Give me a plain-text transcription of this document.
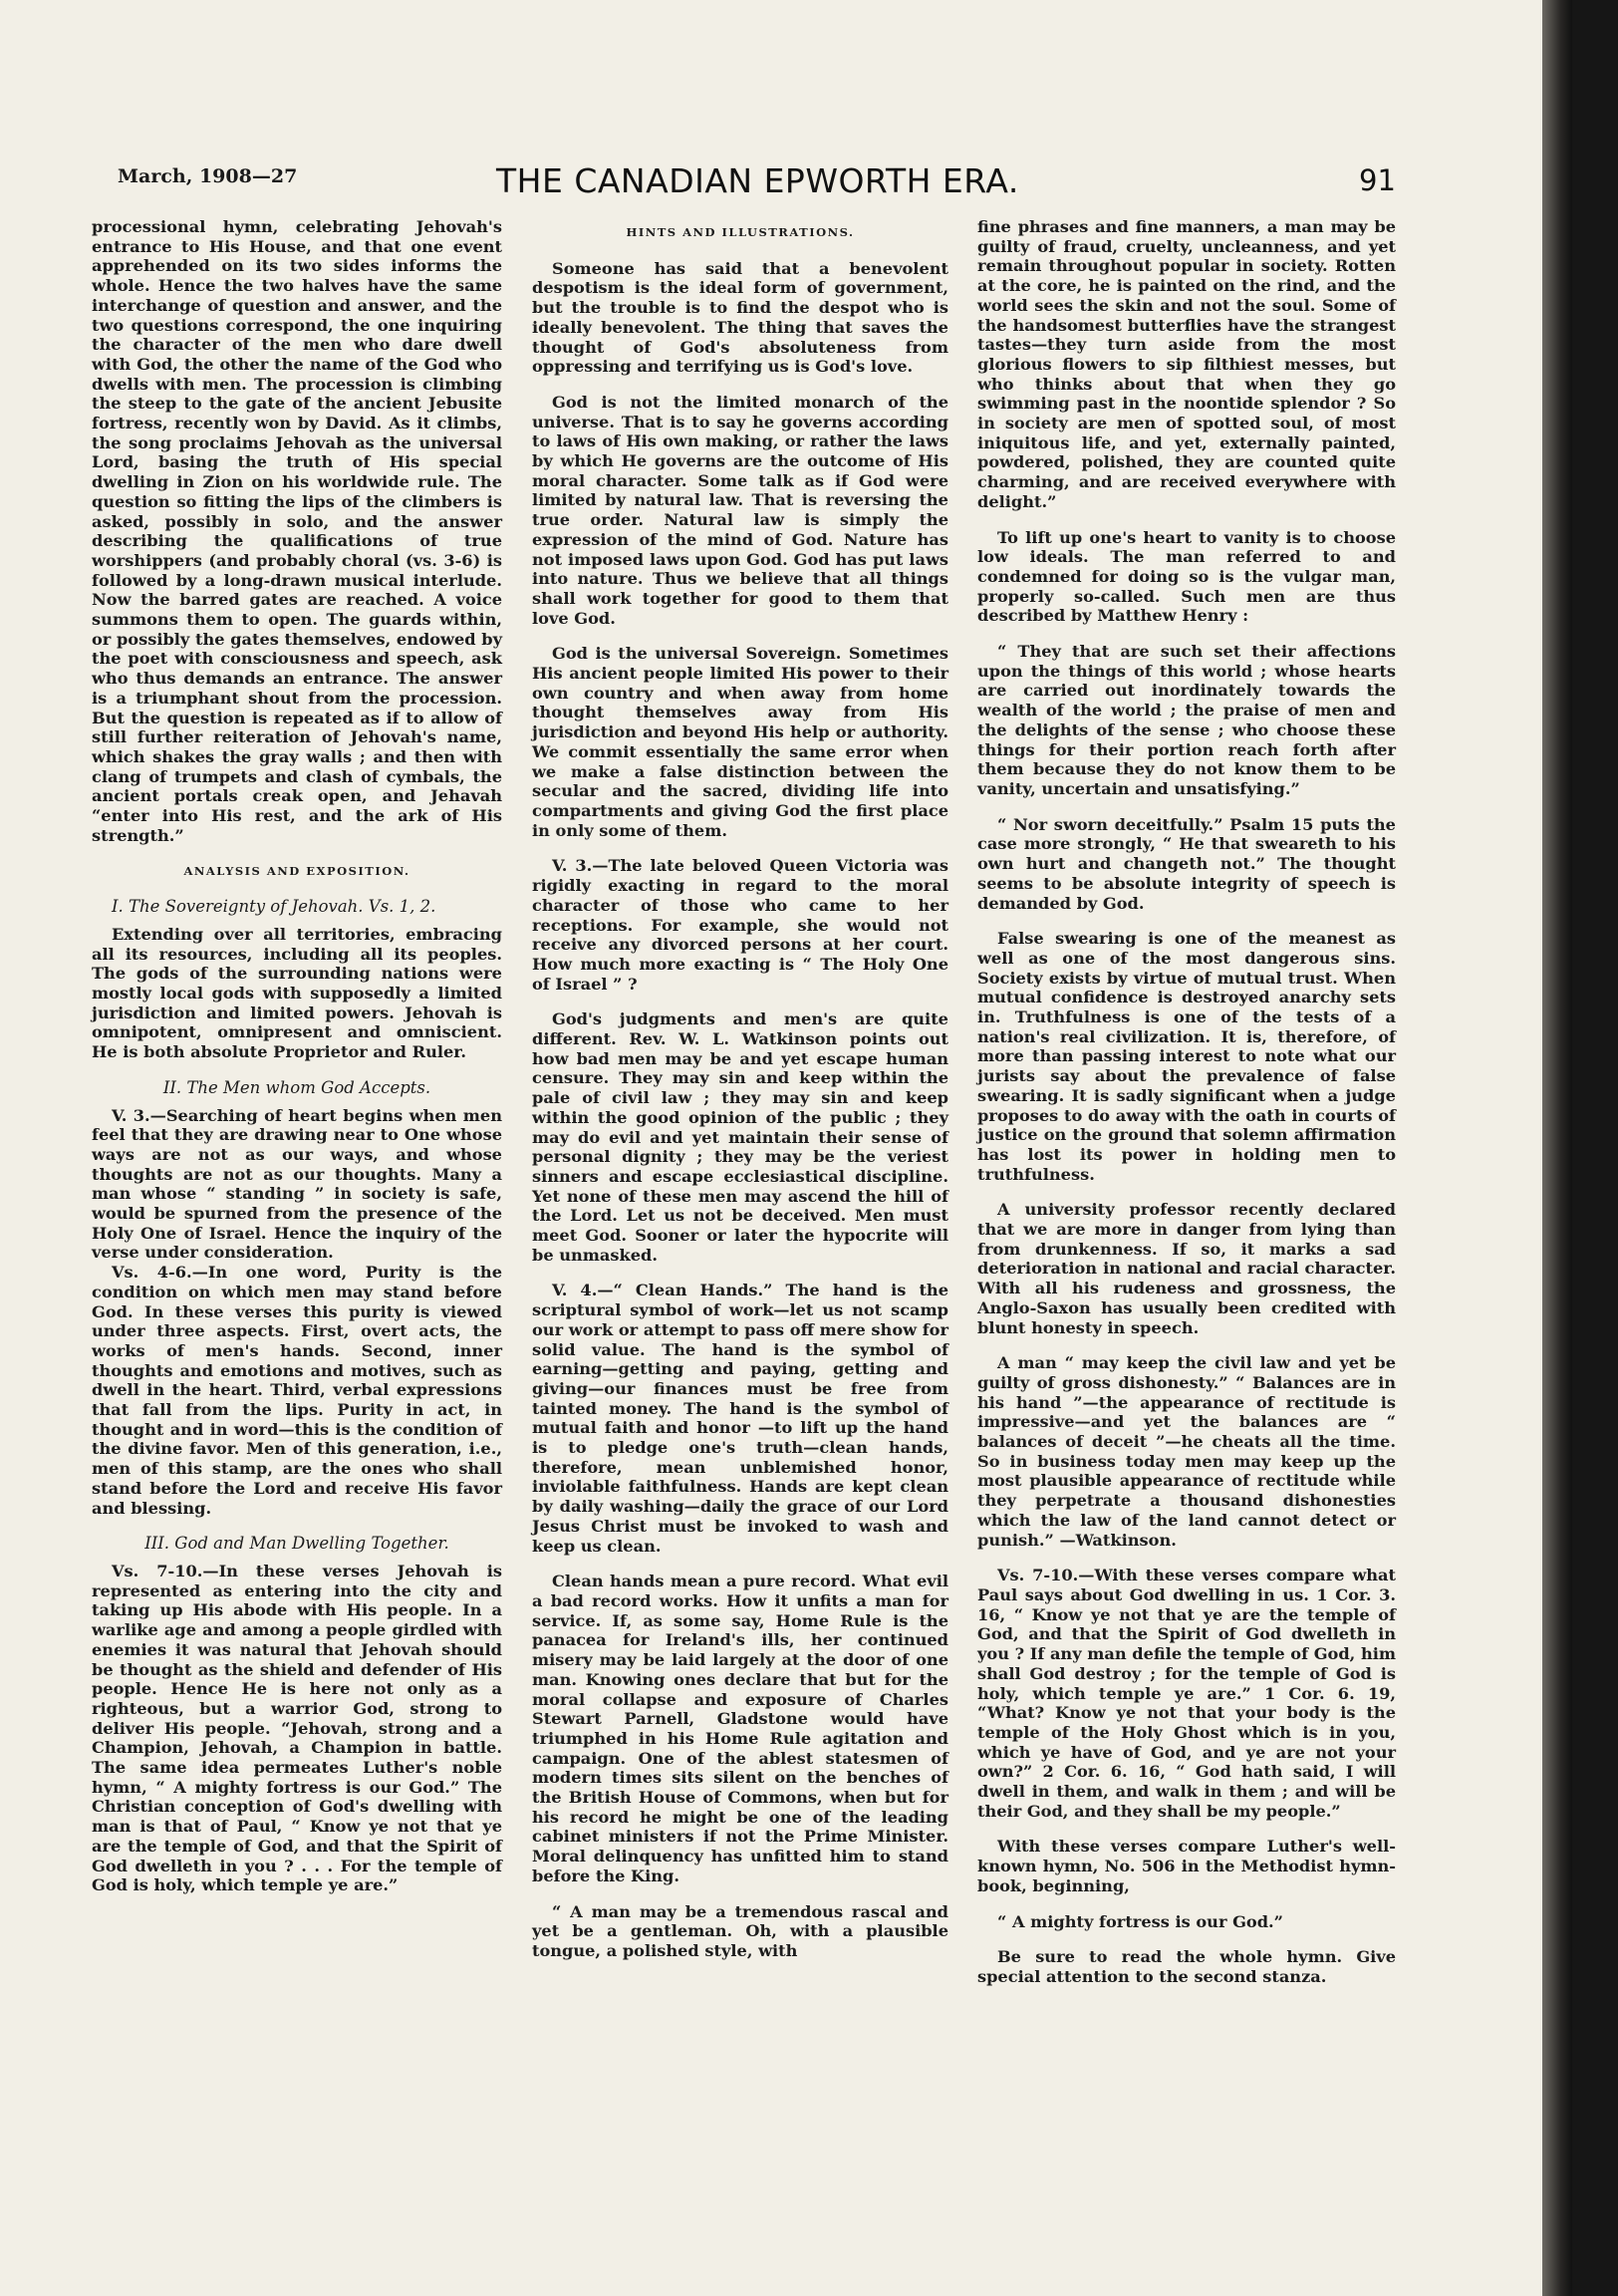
March, 1908—27	THE CANADIAN EPWORTH ERA.	91

processional hymn, celebrating Jehovah's entrance to His House, and that one event apprehended on its two sides informs the whole. Hence the two halves have the same interchange of question and answer, and the two questions correspond, the one inquiring the character of the men who dare dwell with God, the other the name of the God who dwells with men. The procession is climbing the steep to the gate of the ancient Jebusite fortress, recently won by David. As it climbs, the song proclaims Jehovah as the universal Lord, basing the truth of His special dwelling in Zion on his worldwide rule. The question so fitting the lips of the climbers is asked, possibly in solo, and the answer describing the qualifications of true worshippers (and probably choral (vs. 3-6) is followed by a long-drawn musical interlude. Now the barred gates are reached. A voice summons them to open. The guards within, or possibly the gates themselves, endowed by the poet with consciousness and speech, ask who thus demands an entrance. The answer is a triumphant shout from the procession. But the question is repeated as if to allow of still further reiteration of Jehovah's name, which shakes the gray walls ; and then with clang of trumpets and clash of cymbals, the ancient portals creak open, and Jehavah “enter into His rest, and the ark of His strength.”

ANALYSIS AND EXPOSITION.
I. The Sovereignty of Jehovah. Vs. 1, 2.

Extending over all territories, embracing all its resources, including all its peoples. The gods of the surrounding nations were mostly local gods with supposedly a limited jurisdiction and limited powers. Jehovah is omnipotent, omnipresent and omniscient. He is both absolute Proprietor and Ruler.

II. The Men whom God Accepts.

V. 3.—Searching of heart begins when men feel that they are drawing near to One whose ways are not as our ways, and whose thoughts are not as our thoughts. Many a man whose “ standing ” in society is safe, would be spurned from the presence of the Holy One of Israel. Hence the inquiry of the verse under consideration.

Vs. 4-6.—In one word, Purity is the condition on which men may stand before God. In these verses this purity is viewed under three aspects. First, overt acts, the works of men's hands. Second, inner thoughts and emotions and motives, such as dwell in the heart. Third, verbal expressions that fall from the lips. Purity in act, in thought and in word—this is the condition of the divine favor. Men of this generation, i.e., men of this stamp, are the ones who shall stand before the Lord and receive His favor and blessing.

III. God and Man Dwelling Together.

Vs. 7-10.—In these verses Jehovah is represented as entering into the city and taking up His abode with His people. In a warlike age and among a people girdled with enemies it was natural that Jehovah should be thought as the shield and defender of His people. Hence He is here not only as a righteous, but a warrior God, strong to deliver His people. “Jehovah, strong and a Champion, Jehovah, a Champion in battle. The same idea permeates Luther's noble hymn, “ A mighty fortress is our God.” The Christian conception of God's dwelling with man is that of Paul, “ Know ye not that ye are the temple of God, and that the Spirit of God dwelleth in you ? . . . For the temple of God is holy, which temple ye are.”

HINTS AND ILLUSTRATIONS.

Someone has said that a benevolent despotism is the ideal form of government, but the trouble is to find the despot who is ideally benevolent. The thing that saves the thought of God's absoluteness from oppressing and terrifying us is God's love.

God is not the limited monarch of the universe. That is to say he governs according to laws of His own making, or rather the laws by which He governs are the outcome of His moral character. Some talk as if God were limited by natural law. That is reversing the true order. Natural law is simply the expression of the mind of God. Nature has not imposed laws upon God. God has put laws into nature. Thus we believe that all things shall work together for good to them that love God.

God is the universal Sovereign. Sometimes His ancient people limited His power to their own country and when away from home thought themselves away from His jurisdiction and beyond His help or authority. We commit essentially the same error when we make a false distinction between the secular and the sacred, dividing life into compartments and giving God the first place in only some of them.

V. 3.—The late beloved Queen Victoria was rigidly exacting in regard to the moral character of those who came to her receptions. For example, she would not receive any divorced persons at her court. How much more exacting is “ The Holy One of Israel ” ?

God's judgments and men's are quite different. Rev. W. L. Watkinson points out how bad men may be and yet escape human censure. They may sin and keep within the pale of civil law ; they may sin and keep within the good opinion of the public ; they may do evil and yet maintain their sense of personal dignity ; they may be the veriest sinners and escape ecclesiastical discipline. Yet none of these men may ascend the hill of the Lord. Let us not be deceived. Men must meet God. Sooner or later the hypocrite will be unmasked.

V. 4.—“ Clean Hands.” The hand is the scriptural symbol of work—let us not scamp our work or attempt to pass off mere show for solid value. The hand is the symbol of earning—getting and paying, getting and giving—our finances must be free from tainted money. The hand is the symbol of mutual faith and honor —to lift up the hand is to pledge one's truth—clean hands, therefore, mean unblemished honor, inviolable faithfulness. Hands are kept clean by daily washing—daily the grace of our Lord Jesus Christ must be invoked to wash and keep us clean.

Clean hands mean a pure record. What evil a bad record works. How it unfits a man for service. If, as some say, Home Rule is the panacea for Ireland's ills, her continued misery may be laid largely at the door of one man. Knowing ones declare that but for the moral collapse and exposure of Charles Stewart Parnell, Gladstone would have triumphed in his Home Rule agitation and campaign. One of the ablest statesmen of modern times sits silent on the benches of the British House of Commons, when but for his record he might be one of the leading cabinet ministers if not the Prime Minister. Moral delinquency has unfitted him to stand before the King.

“ A man may be a tremendous rascal and yet be a gentleman. Oh, with a plausible tongue, a polished style, with

fine phrases and fine manners, a man may be guilty of fraud, cruelty, uncleanness, and yet remain throughout popular in society. Rotten at the core, he is painted on the rind, and the world sees the skin and not the soul. Some of the handsomest butterflies have the strangest tastes—they turn aside from the most glorious flowers to sip filthiest messes, but who thinks about that when they go swimming past in the noontide splendor ? So in society are men of spotted soul, of most iniquitous life, and yet, externally painted, powdered, polished, they are counted quite charming, and are received everywhere with delight.”

To lift up one's heart to vanity is to choose low ideals. The man referred to and condemned for doing so is the vulgar man, properly so-called. Such men are thus described by Matthew Henry :

“ They that are such set their affections upon the things of this world ; whose hearts are carried out inordinately towards the wealth of the world ; the praise of men and the delights of the sense ; who choose these things for their portion reach forth after them because they do not know them to be vanity, uncertain and unsatisfying.”

“ Nor sworn deceitfully.” Psalm 15 puts the case more strongly, “ He that sweareth to his own hurt and changeth not.” The thought seems to be absolute integrity of speech is demanded by God.

False swearing is one of the meanest as well as one of the most dangerous sins. Society exists by virtue of mutual trust. When mutual confidence is destroyed anarchy sets in. Truthfulness is one of the tests of a nation's real civilization. It is, therefore, of more than passing interest to note what our jurists say about the prevalence of false swearing. It is sadly significant when a judge proposes to do away with the oath in courts of justice on the ground that solemn affirmation has lost its power in holding men to truthfulness.

A university professor recently declared that we are more in danger from lying than from drunkenness. If so, it marks a sad deterioration in national and racial character. With all his rudeness and grossness, the Anglo-Saxon has usually been credited with blunt honesty in speech.

A man “ may keep the civil law and yet be guilty of gross dishonesty.” “ Balances are in his hand ”—the appearance of rectitude is impressive—and yet the balances are “ balances of deceit ”—he cheats all the time. So in business today men may keep up the most plausible appearance of rectitude while they perpetrate a thousand dishonesties which the law of the land cannot detect or punish.” —Watkinson.

Vs. 7-10.—With these verses compare what Paul says about God dwelling in us. 1 Cor. 3. 16, “ Know ye not that ye are the temple of God, and that the Spirit of God dwelleth in you ? If any man defile the temple of God, him shall God destroy ; for the temple of God is holy, which temple ye are.” 1 Cor. 6. 19, “What? Know ye not that your body is the temple of the Holy Ghost which is in you, which ye have of God, and ye are not your own?” 2 Cor. 6. 16, “ God hath said, I will dwell in them, and walk in them ; and will be their God, and they shall be my people.”

With these verses compare Luther's well-known hymn, No. 506 in the Methodist hymn-book, beginning,

“ A mighty fortress is our God.”

Be sure to read the whole hymn. Give special attention to the second stanza.
